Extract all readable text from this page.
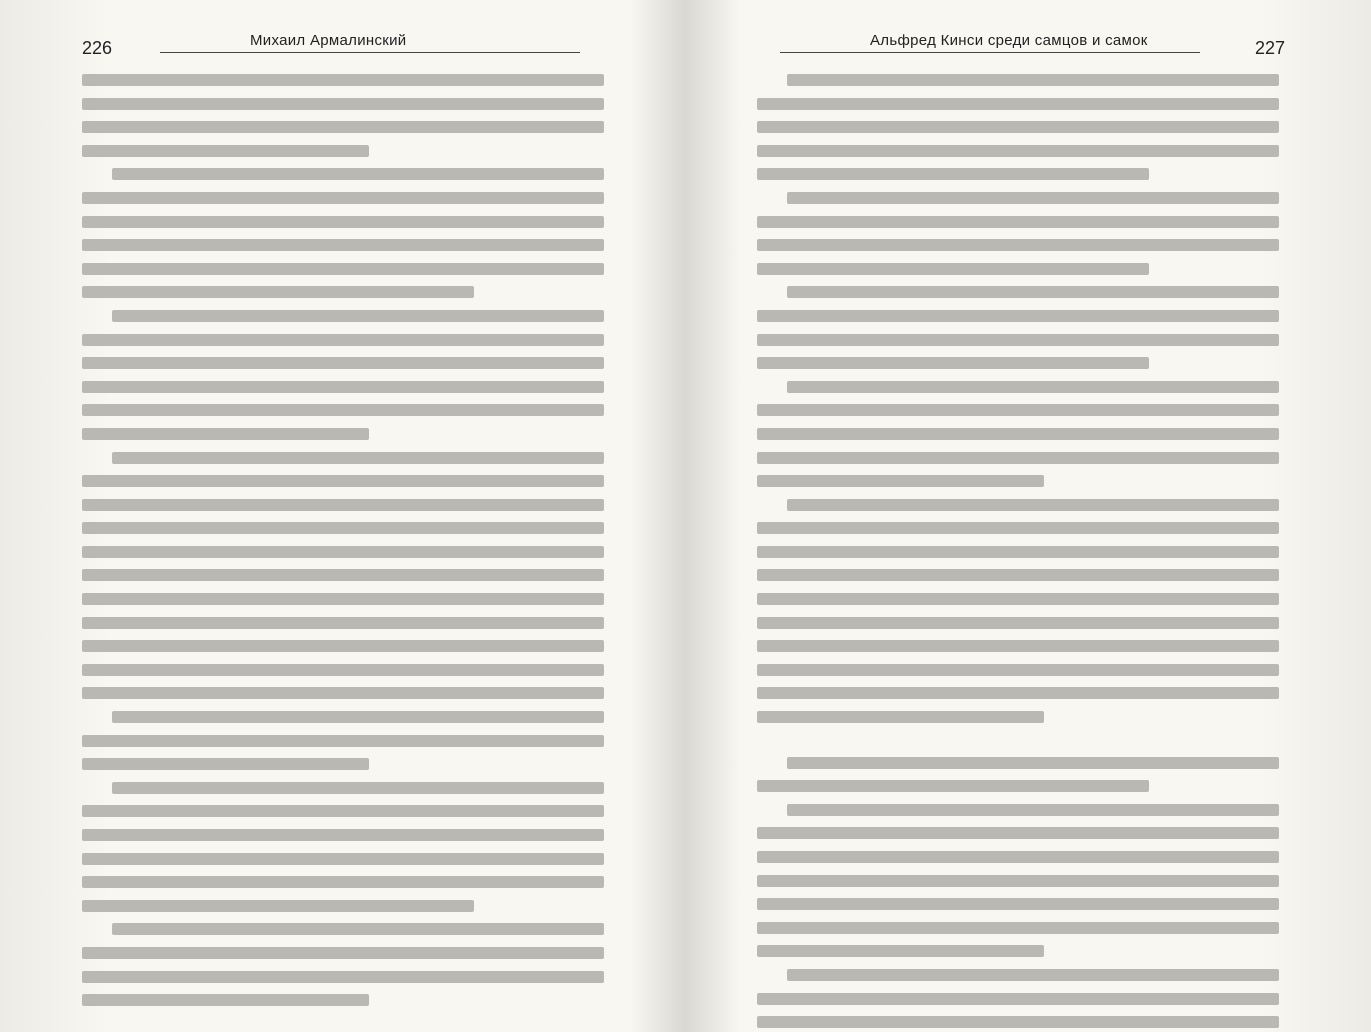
226	Михаил Армалинский	Альфред Кинси среди самцов и самок	227
